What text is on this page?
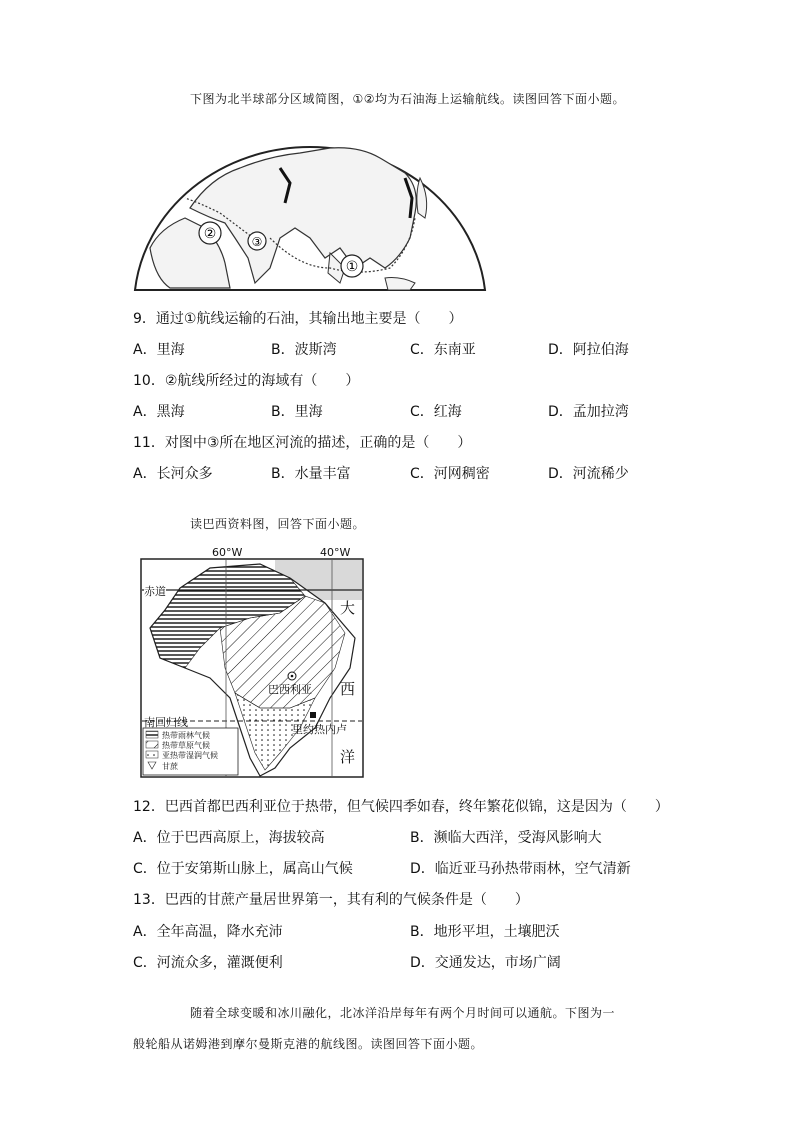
下图为北半球部分区域简图，①②均为石油海上运输航线。读图回答下面小题。
②	③
①
9．通过①航线运输的石油，其输出地主要是（　　）
A．里海	B．波斯湾	C．东南亚	D．阿拉伯海
10．②航线所经过的海域有（　　）
A．黑海	B．里海	C．红海	D．孟加拉湾
11．对图中③所在地区河流的描述，正确的是（　　）
A．长河众多	B．水量丰富	C．河网稠密	D．河流稀少
读巴西资料图，回答下面小题。
60°W	40°W
赤道
南回归线
巴西利亚
里约热内卢
大
西
洋
热带雨林气候
热带草原气候
亚热带湿润气候
甘蔗
12．巴西首都巴西利亚位于热带，但气候四季如春，终年繁花似锦，这是因为（　　）
A．位于巴西高原上，海拔较高	B．濒临大西洋，受海风影响大
C．位于安第斯山脉上，属高山气候	D．临近亚马孙热带雨林，空气清新
13．巴西的甘蔗产量居世界第一，其有利的气候条件是（　　）
A．全年高温，降水充沛	B．地形平坦，土壤肥沃
C．河流众多，灌溉便利	D．交通发达，市场广阔
随着全球变暖和冰川融化，北冰洋沿岸每年有两个月时间可以通航。下图为一
般轮船从诺姆港到摩尔曼斯克港的航线图。读图回答下面小题。
